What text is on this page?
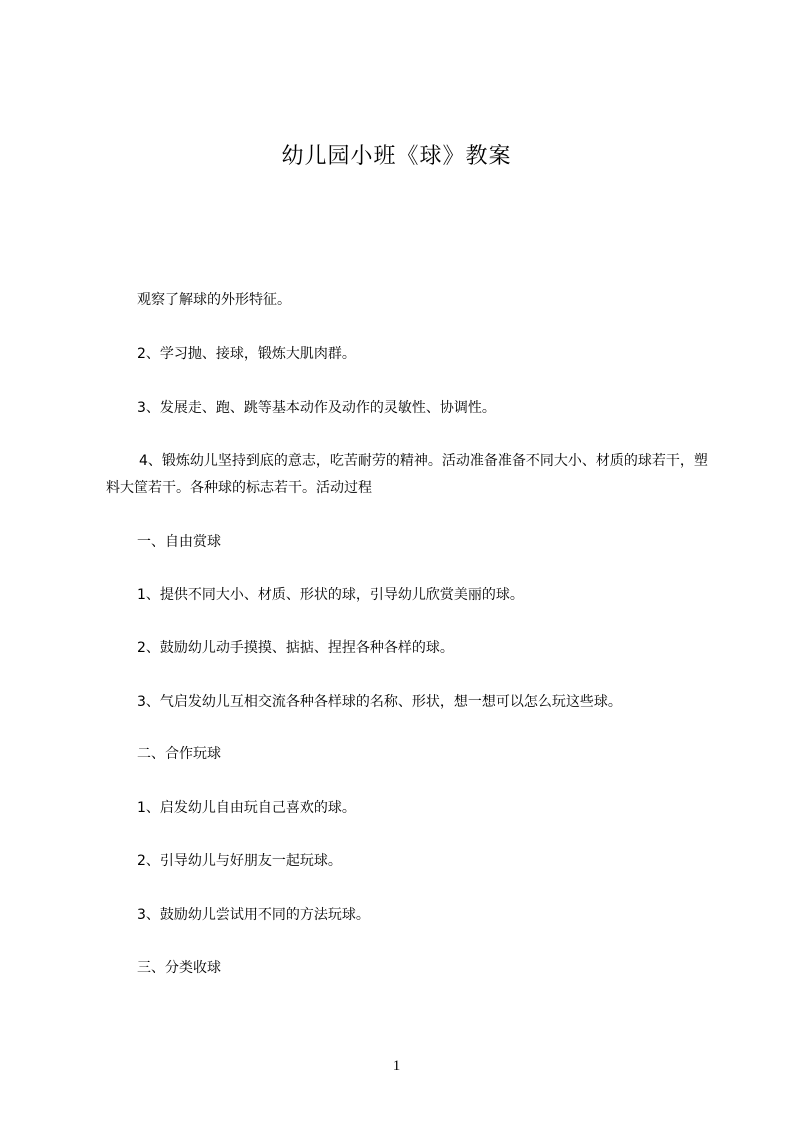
幼儿园小班《球》教案
观察了解球的外形特征。
2、学习抛、接球，锻炼大肌肉群。
3、发展走、跑、跳等基本动作及动作的灵敏性、协调性。
4、锻炼幼儿坚持到底的意志，吃苦耐劳的精神。活动准备准备不同大小、材质的球若干，塑料大筐若干。各种球的标志若干。活动过程
一、自由赏球
1、提供不同大小、材质、形状的球，引导幼儿欣赏美丽的球。
2、鼓励幼儿动手摸摸、掂掂、捏捏各种各样的球。
3、气启发幼儿互相交流各种各样球的名称、形状，想一想可以怎么玩这些球。
二、合作玩球
1、启发幼儿自由玩自己喜欢的球。
2、引导幼儿与好朋友一起玩球。
3、鼓励幼儿尝试用不同的方法玩球。
三、分类收球
1
